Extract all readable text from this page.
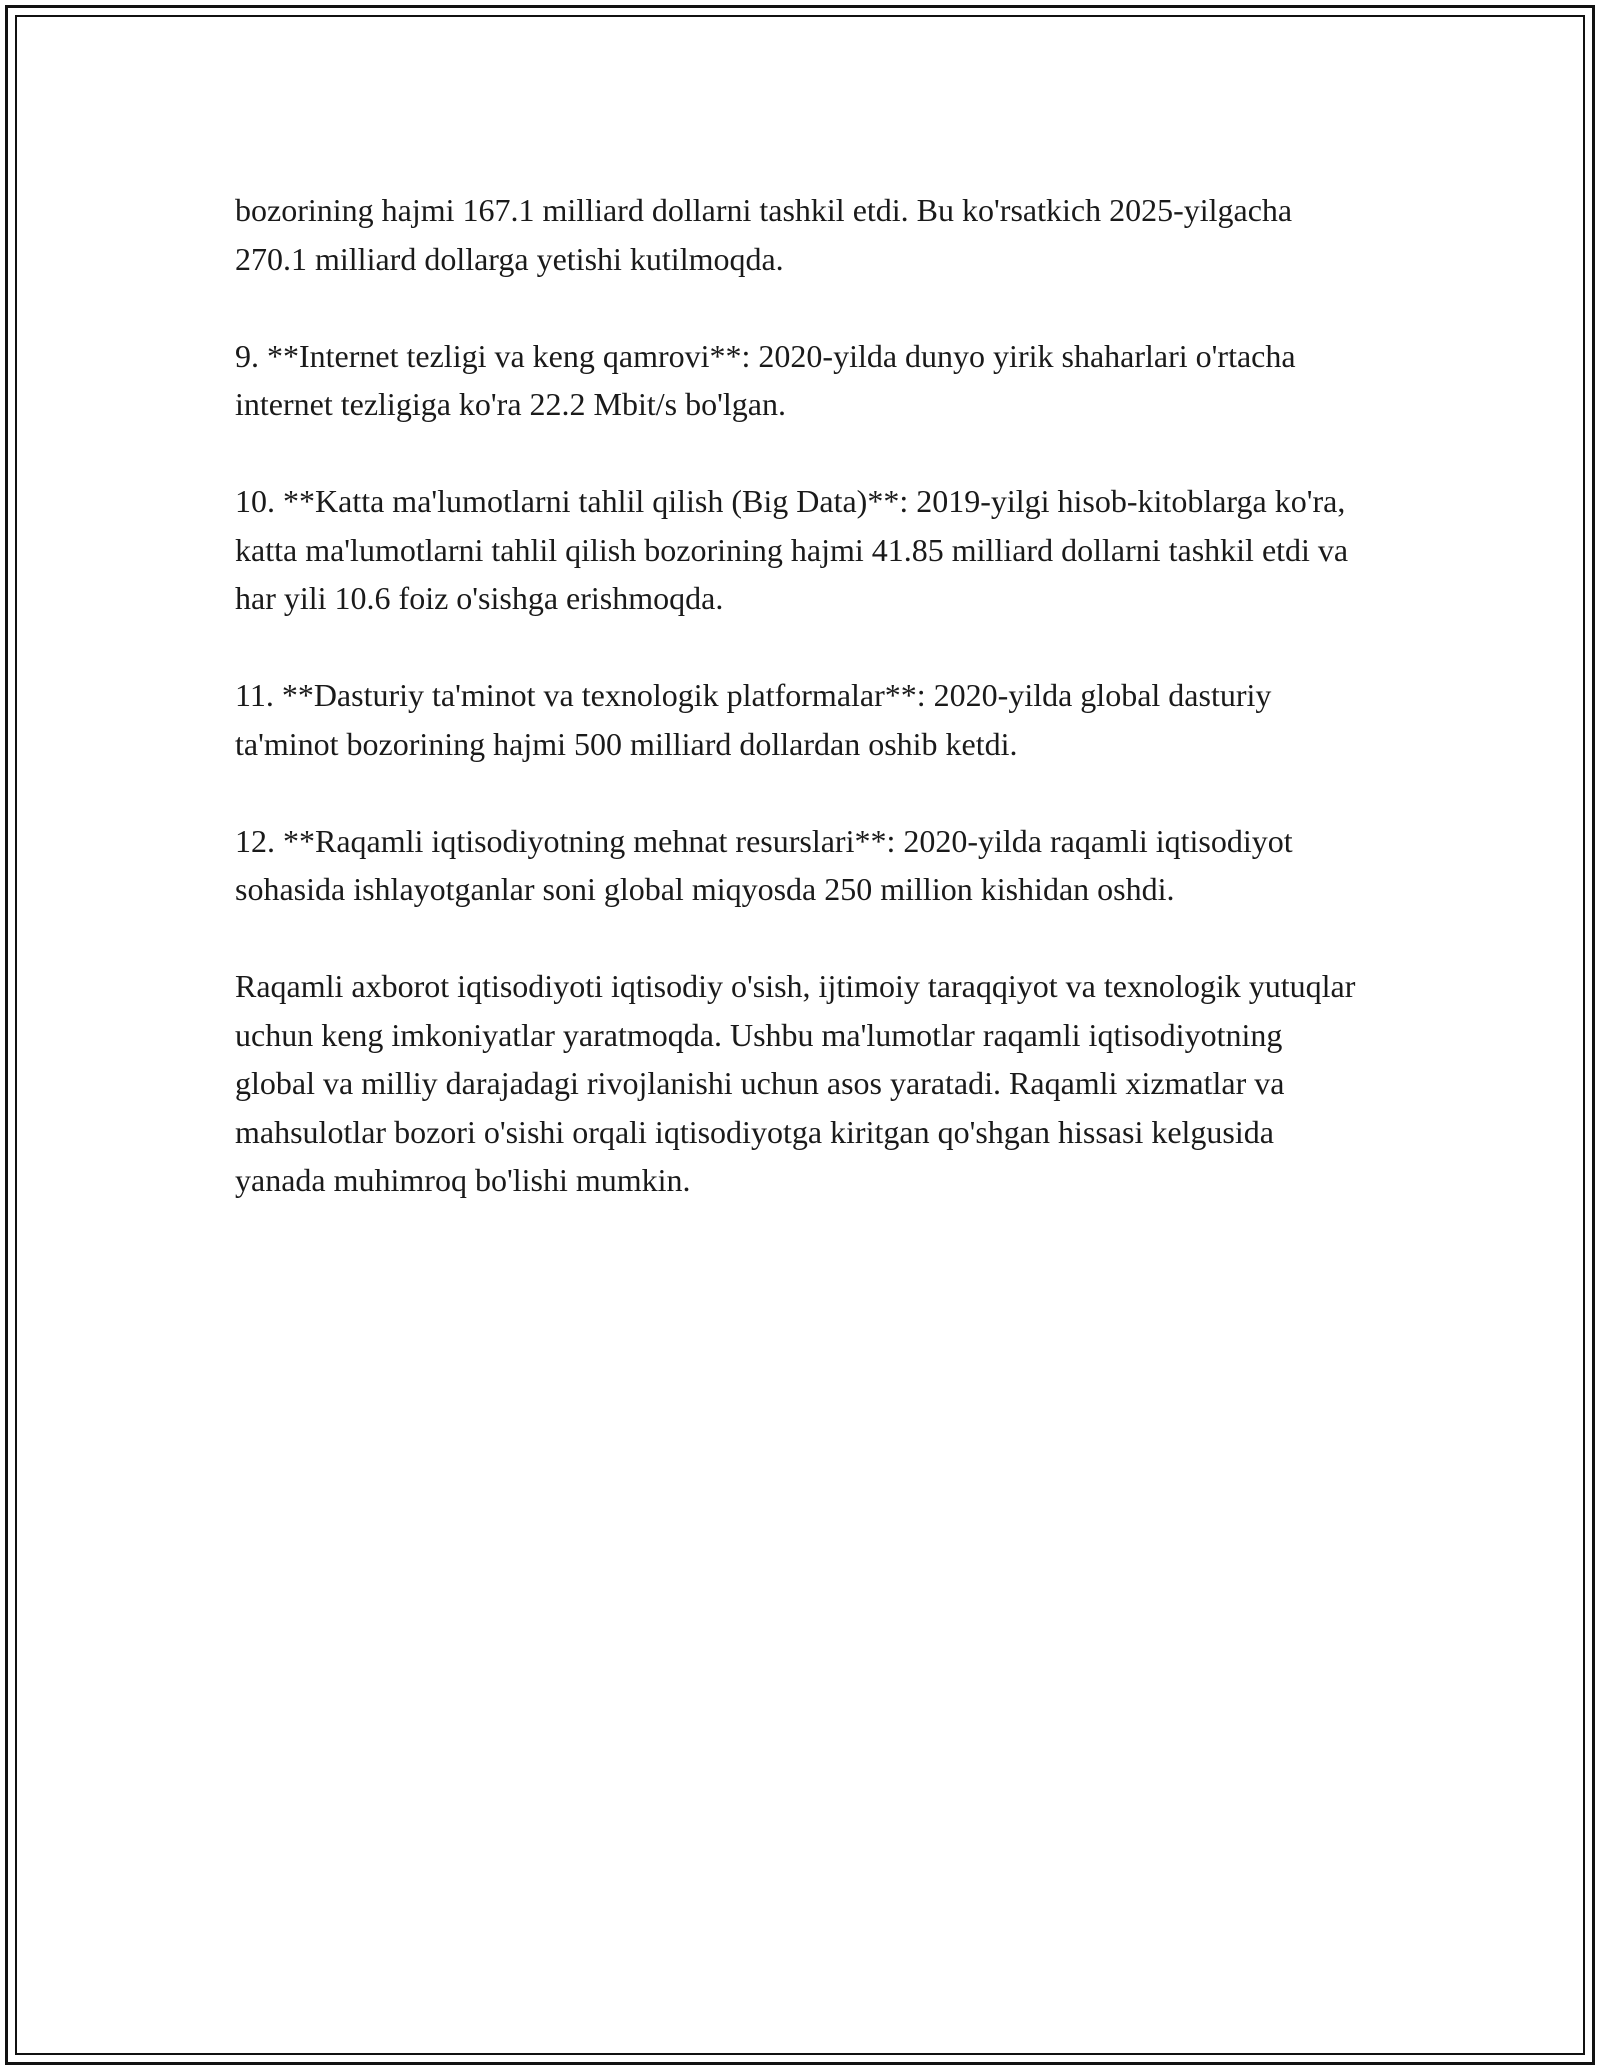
bozorining hajmi 167.1 milliard dollarni tashkil etdi. Bu ko'rsatkich 2025-yilgacha 270.1 milliard dollarga yetishi kutilmoqda.

9. **Internet tezligi va keng qamrovi**: 2020-yilda dunyo yirik shaharlari o'rtacha internet tezligiga ko'ra 22.2 Mbit/s bo'lgan.

10. **Katta ma'lumotlarni tahlil qilish (Big Data)**: 2019-yilgi hisob-kitoblarga ko'ra, katta ma'lumotlarni tahlil qilish bozorining hajmi 41.85 milliard dollarni tashkil etdi va har yili 10.6 foiz o'sishga erishmoqda.

11. **Dasturiy ta'minot va texnologik platformalar**: 2020-yilda global dasturiy ta'minot bozorining hajmi 500 milliard dollardan oshib ketdi.

12. **Raqamli iqtisodiyotning mehnat resurslari**: 2020-yilda raqamli iqtisodiyot sohasida ishlayotganlar soni global miqyosda 250 million kishidan oshdi.

Raqamli axborot iqtisodiyoti iqtisodiy o'sish, ijtimoiy taraqqiyot va texnologik yutuqlar uchun keng imkoniyatlar yaratmoqda. Ushbu ma'lumotlar raqamli iqtisodiyotning global va milliy darajadagi rivojlanishi uchun asos yaratadi. Raqamli xizmatlar va mahsulotlar bozori o'sishi orqali iqtisodiyotga kiritgan qo'shgan hissasi kelgusida yanada muhimroq bo'lishi mumkin.
